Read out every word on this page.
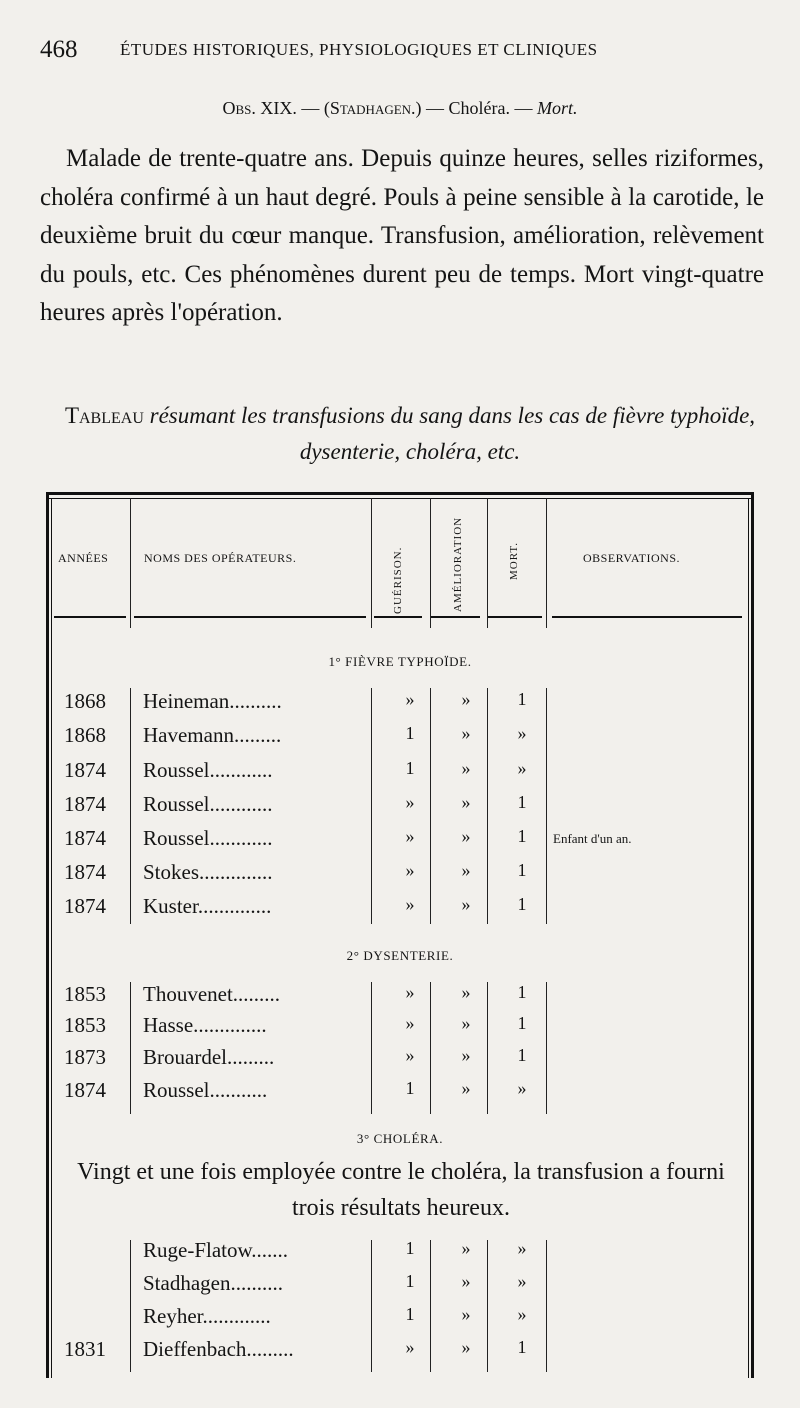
468	ÉTUDES HISTORIQUES, PHYSIOLOGIQUES ET CLINIQUES
Obs. XIX. — (Stadhagen.) — Choléra. — Mort.
Malade de trente-quatre ans. Depuis quinze heures, selles riziformes, choléra confirmé à un haut degré. Pouls à peine sensible à la carotide, le deuxième bruit du cœur manque. Transfusion, amélioration, relèvement du pouls, etc. Ces phénomènes durent peu de temps. Mort vingt-quatre heures après l'opération.
Tableau résumant les transfusions du sang dans les cas de fièvre typhoïde, dysenterie, choléra, etc.
ANNÉES	NOMS DES OPÉRATEURS.	GUÉRISON.	AMÉLIORATION	MORT.	OBSERVATIONS.
1° FIÈVRE TYPHOÏDE.
1868 Heineman..........	»	»	1
1868 Havemann.........	1	»	»
1874 Roussel............	1	»	»
1874 Roussel............	»	»	1
1874 Roussel............	»	»	1	Enfant d'un an.
1874 Stokes..............	»	»	1
1874 Kuster..............	»	»	1
2° DYSENTERIE.
1853 Thouvenet.........	»	»	1
1853 Hasse..............	»	»	1
1873 Brouardel.........	»	»	1
1874 Roussel...........	1	»	»
3° CHOLÉRA.
Vingt et une fois employée contre le choléra, la transfusion a fourni trois résultats heureux.
Ruge-Flatow.......	1	»	»
Stadhagen..........	1	»	»
Reyher.............	1	»	»
1831 Dieffenbach.........	»	»	1
